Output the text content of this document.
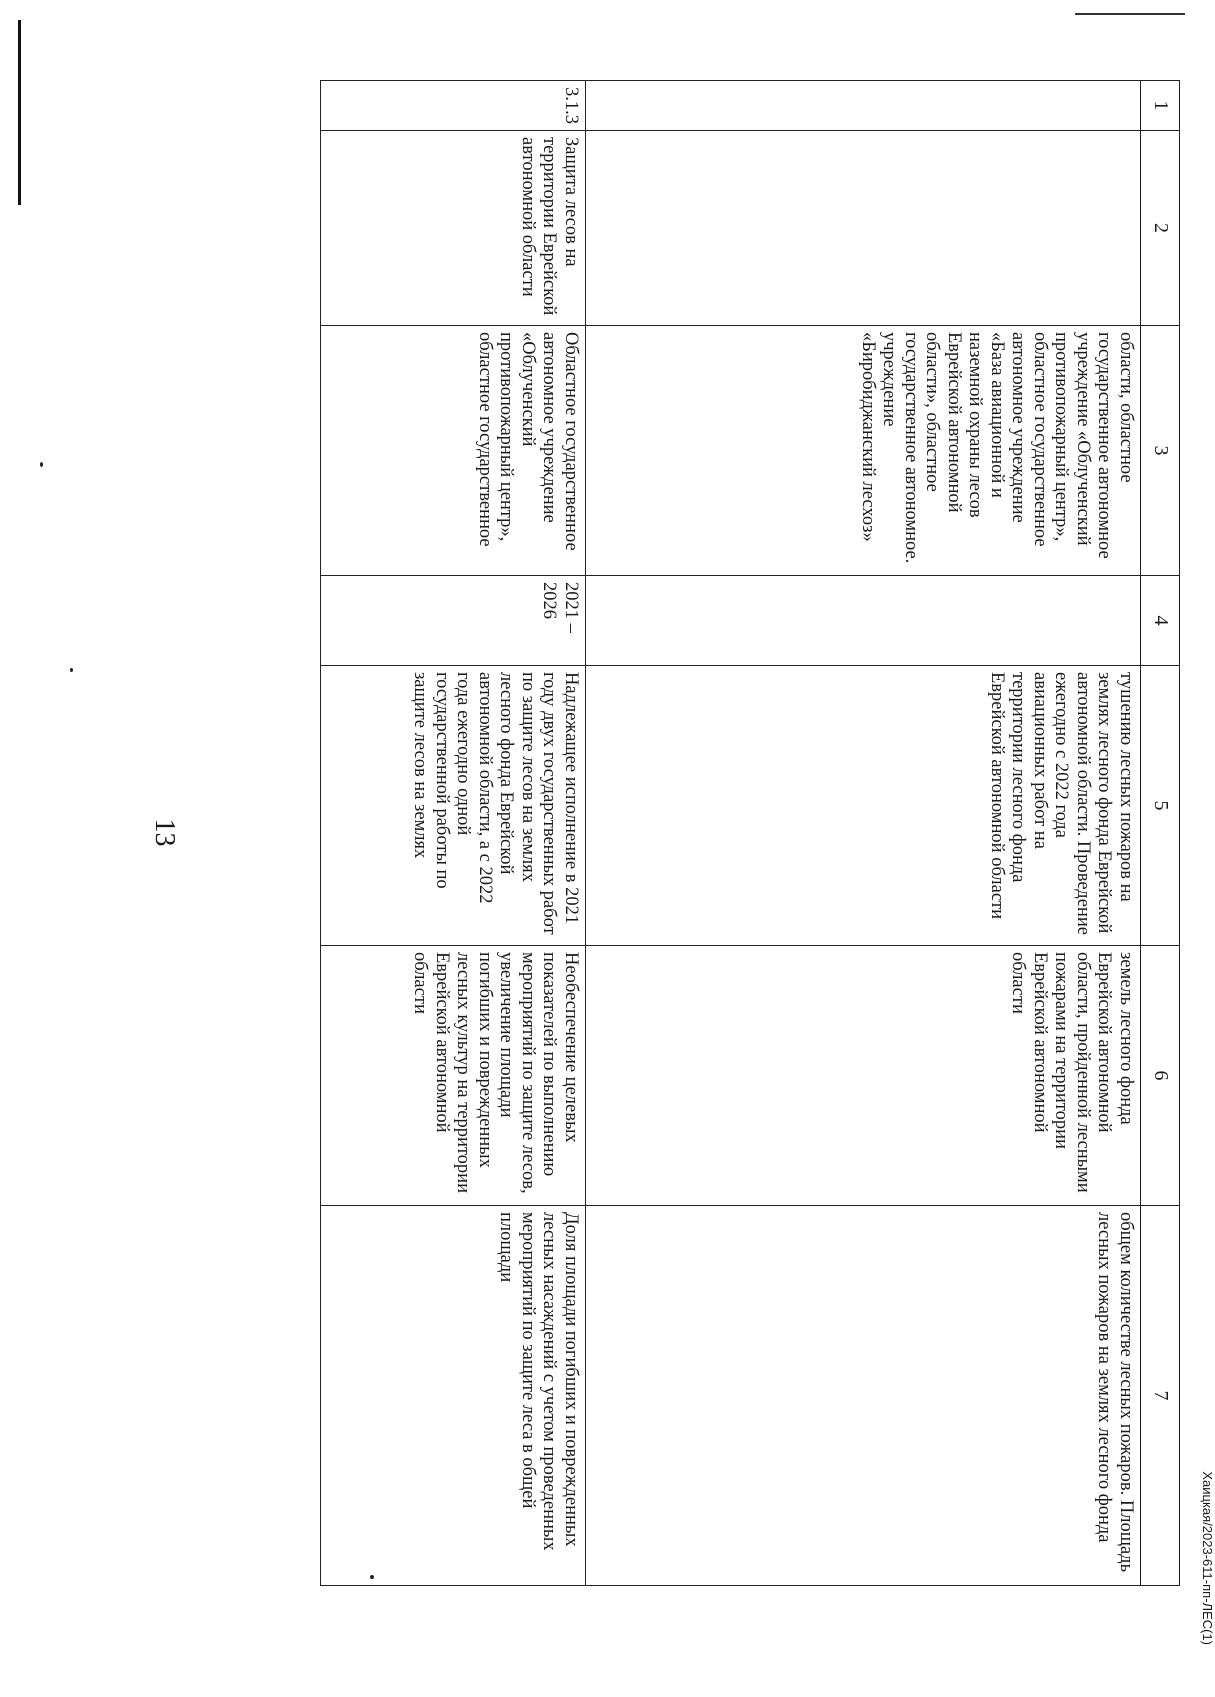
Хаицкая/2023-611-пп-ЛЕС(1)
1	2	3	4	5	6	7
		области, областное государственное автономное учреждение «Облученский противопожарный центр», областное государственное автономное учреждение «База авиационной и наземной охраны лесов Еврейской автономной области», областное государственное автономное. учреждение «Биробиджанский лесхоз»		тушению лесных пожаров на землях лесного фонда Еврейской автономной области. Проведение ежегодно с 2022 года авиационных работ на территории лесного фонда Еврейской автономной области	земель лесного фонда Еврейской автономной области, пройденной лесными пожарами на территории Еврейской автономной области	общем количестве лесных пожаров. Площадь лесных пожаров на землях лесного фонда
3.1.3	Защита лесов на территории Еврейской автономной области	Областное государственное автономное учреждение «Облученский противопожарный центр», областное государственное	2021 – 2026	Надлежащее исполнение в 2021 году двух государственных работ по защите лесов на землях лесного фонда Еврейской автономной области, а с 2022 года ежегодно одной государственной работы по защите лесов на землях	Необеспечение целевых показателей по выполнению мероприятий по защите лесов, увеличение площади погибших и поврежденных лесных культур на территории Еврейской автономной области	Доля площади погибших и поврежденных лесных насаждений с учетом проведенных мероприятий по защите леса в общей площади
13
